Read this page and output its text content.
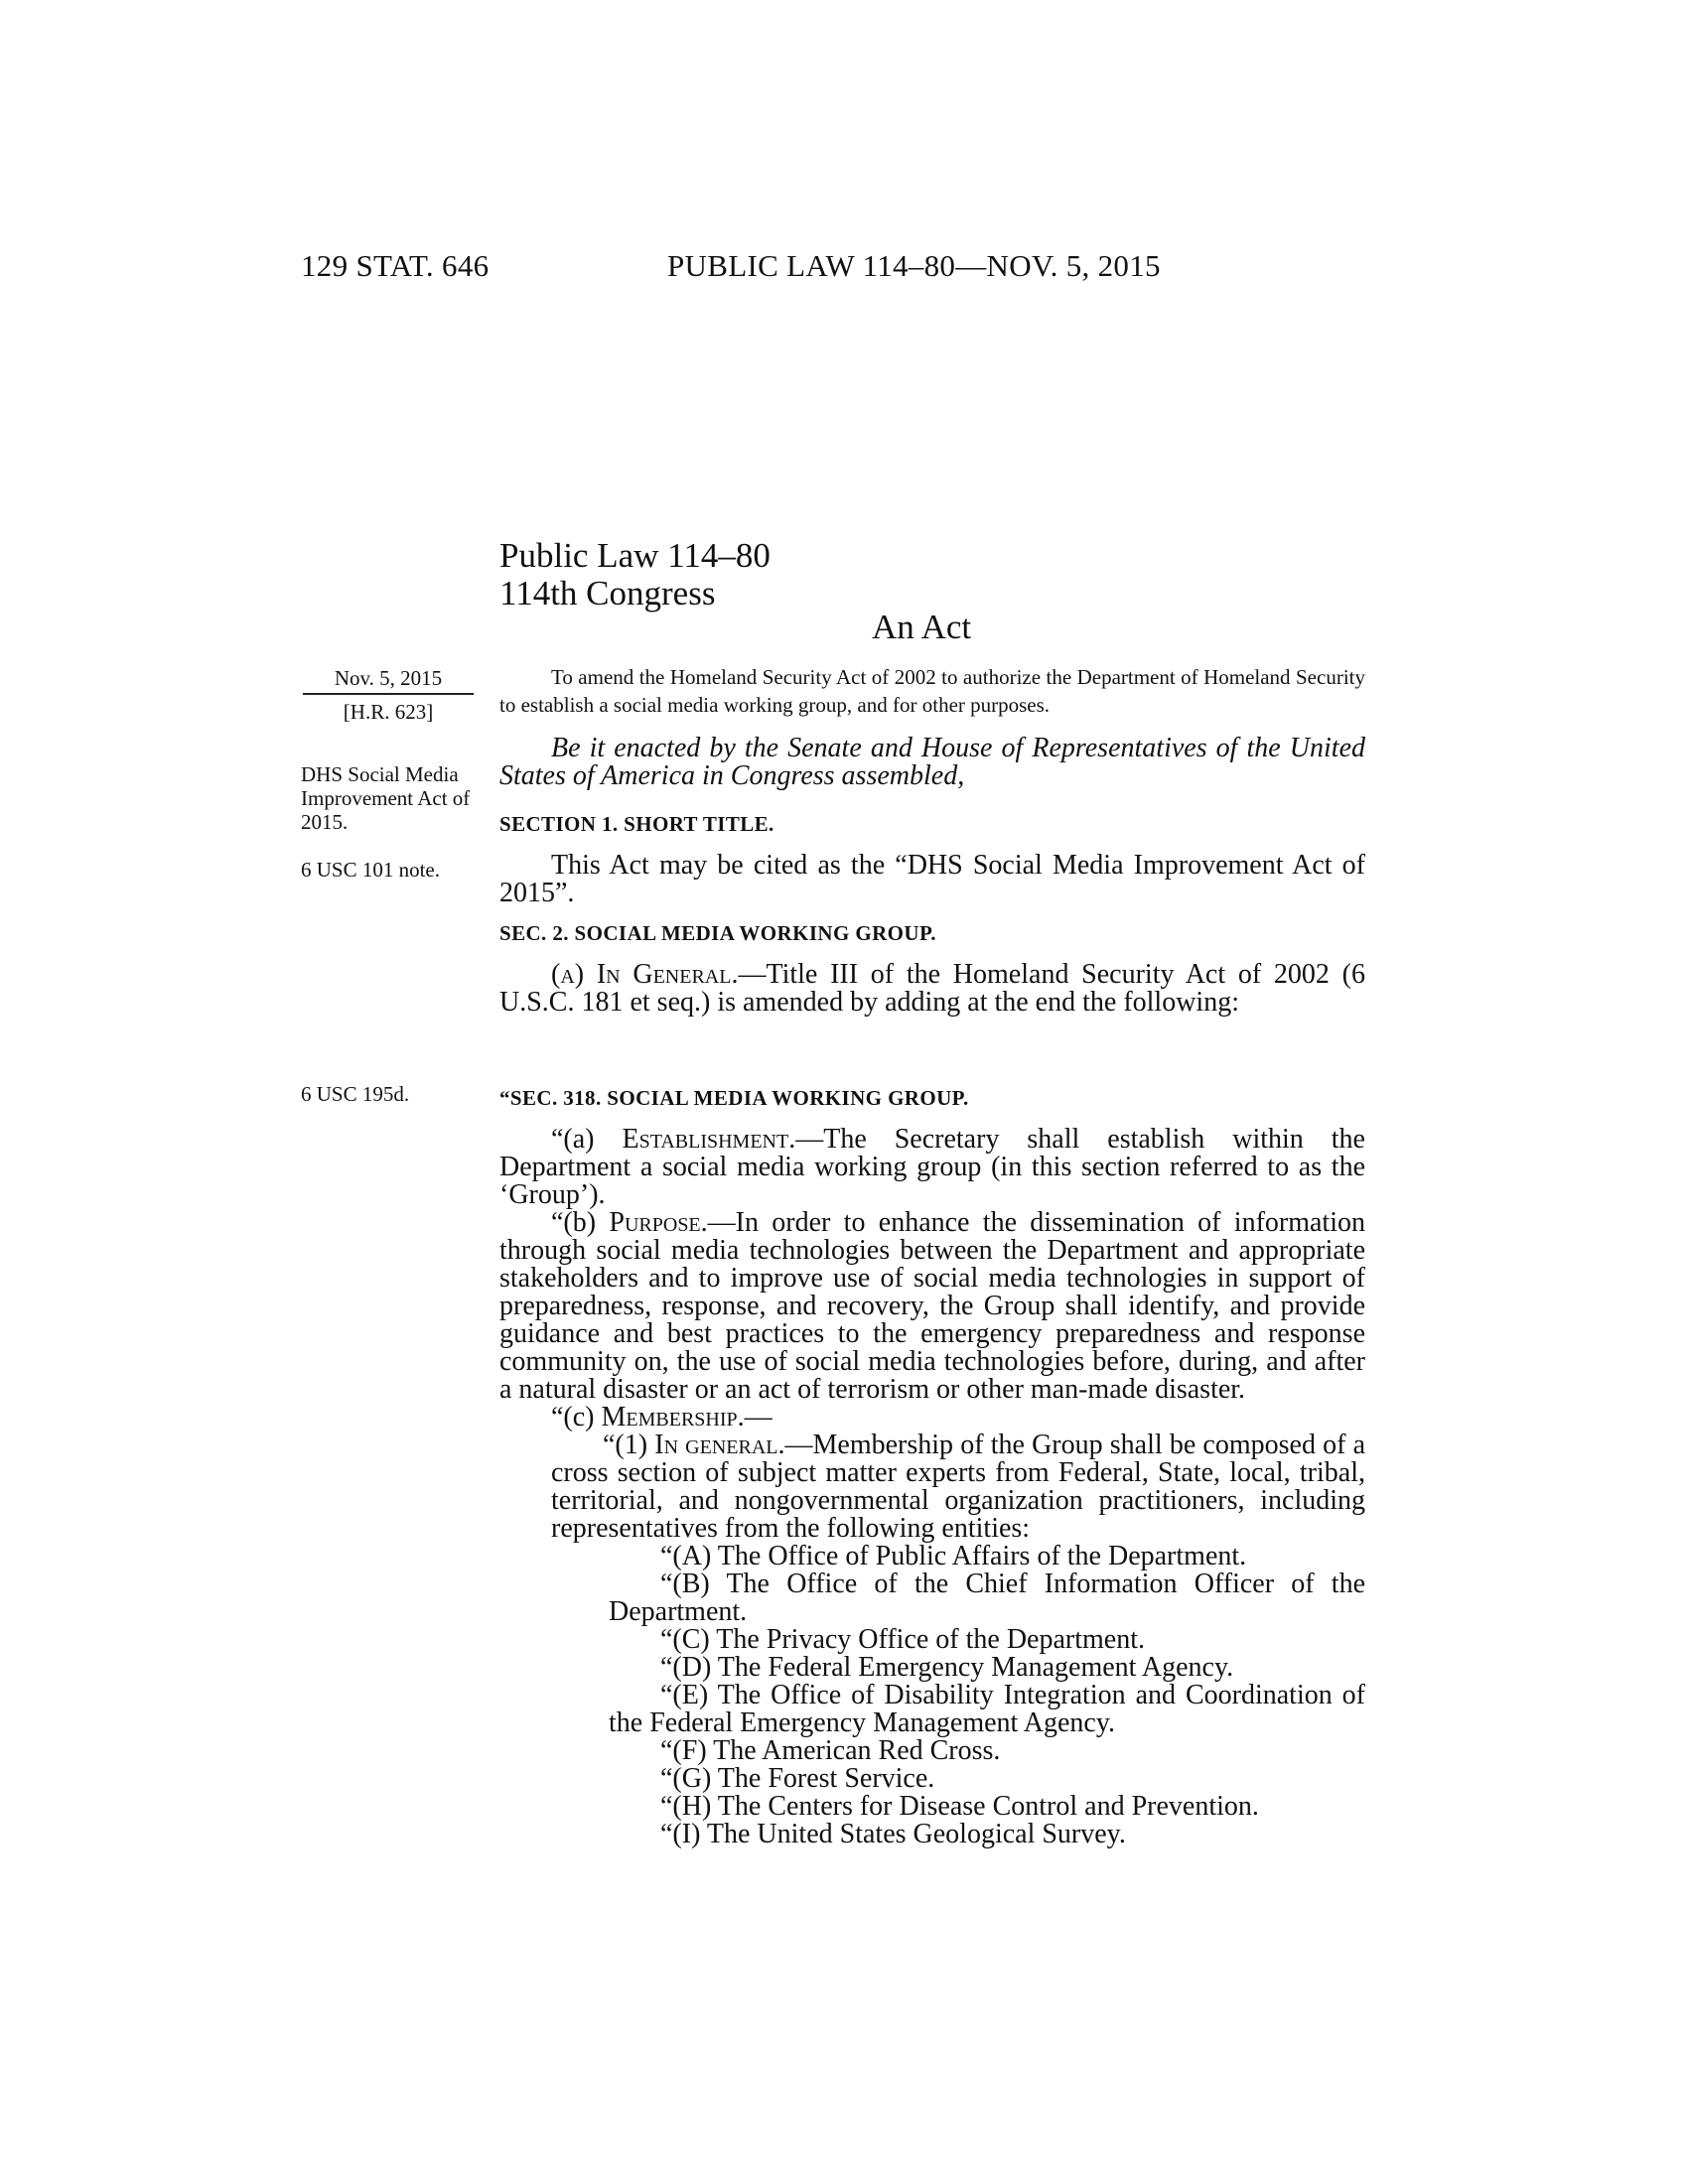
129 STAT. 646	PUBLIC LAW 114–80—NOV. 5, 2015
Public Law 114–80
114th Congress
An Act
Nov. 5, 2015
[H.R. 623]

To amend the Homeland Security Act of 2002 to authorize the Department of Homeland Security to establish a social media working group, and for other purposes.

DHS Social Media Improvement Act of 2015.
6 USC 101 note.
6 USC 195d.

Be it enacted by the Senate and House of Representatives of the United States of America in Congress assembled,

SECTION 1. SHORT TITLE.

This Act may be cited as the “DHS Social Media Improvement Act of 2015”.

SEC. 2. SOCIAL MEDIA WORKING GROUP.

(a) In General.—Title III of the Homeland Security Act of 2002 (6 U.S.C. 181 et seq.) is amended by adding at the end the following:

“SEC. 318. SOCIAL MEDIA WORKING GROUP.

“(a) Establishment.—The Secretary shall establish within the Department a social media working group (in this section referred to as the ‘Group’).

“(b) Purpose.—In order to enhance the dissemination of information through social media technologies between the Department and appropriate stakeholders and to improve use of social media technologies in support of preparedness, response, and recovery, the Group shall identify, and provide guidance and best practices to the emergency preparedness and response community on, the use of social media technologies before, during, and after a natural disaster or an act of terrorism or other man-made disaster.

“(c) Membership.—

“(1) In general.—Membership of the Group shall be composed of a cross section of subject matter experts from Federal, State, local, tribal, territorial, and nongovernmental organization practitioners, including representatives from the following entities:

“(A) The Office of Public Affairs of the Department.

“(B) The Office of the Chief Information Officer of the Department.

“(C) The Privacy Office of the Department.

“(D) The Federal Emergency Management Agency.

“(E) The Office of Disability Integration and Coordination of the Federal Emergency Management Agency.

“(F) The American Red Cross.

“(G) The Forest Service.

“(H) The Centers for Disease Control and Prevention.

“(I) The United States Geological Survey.
